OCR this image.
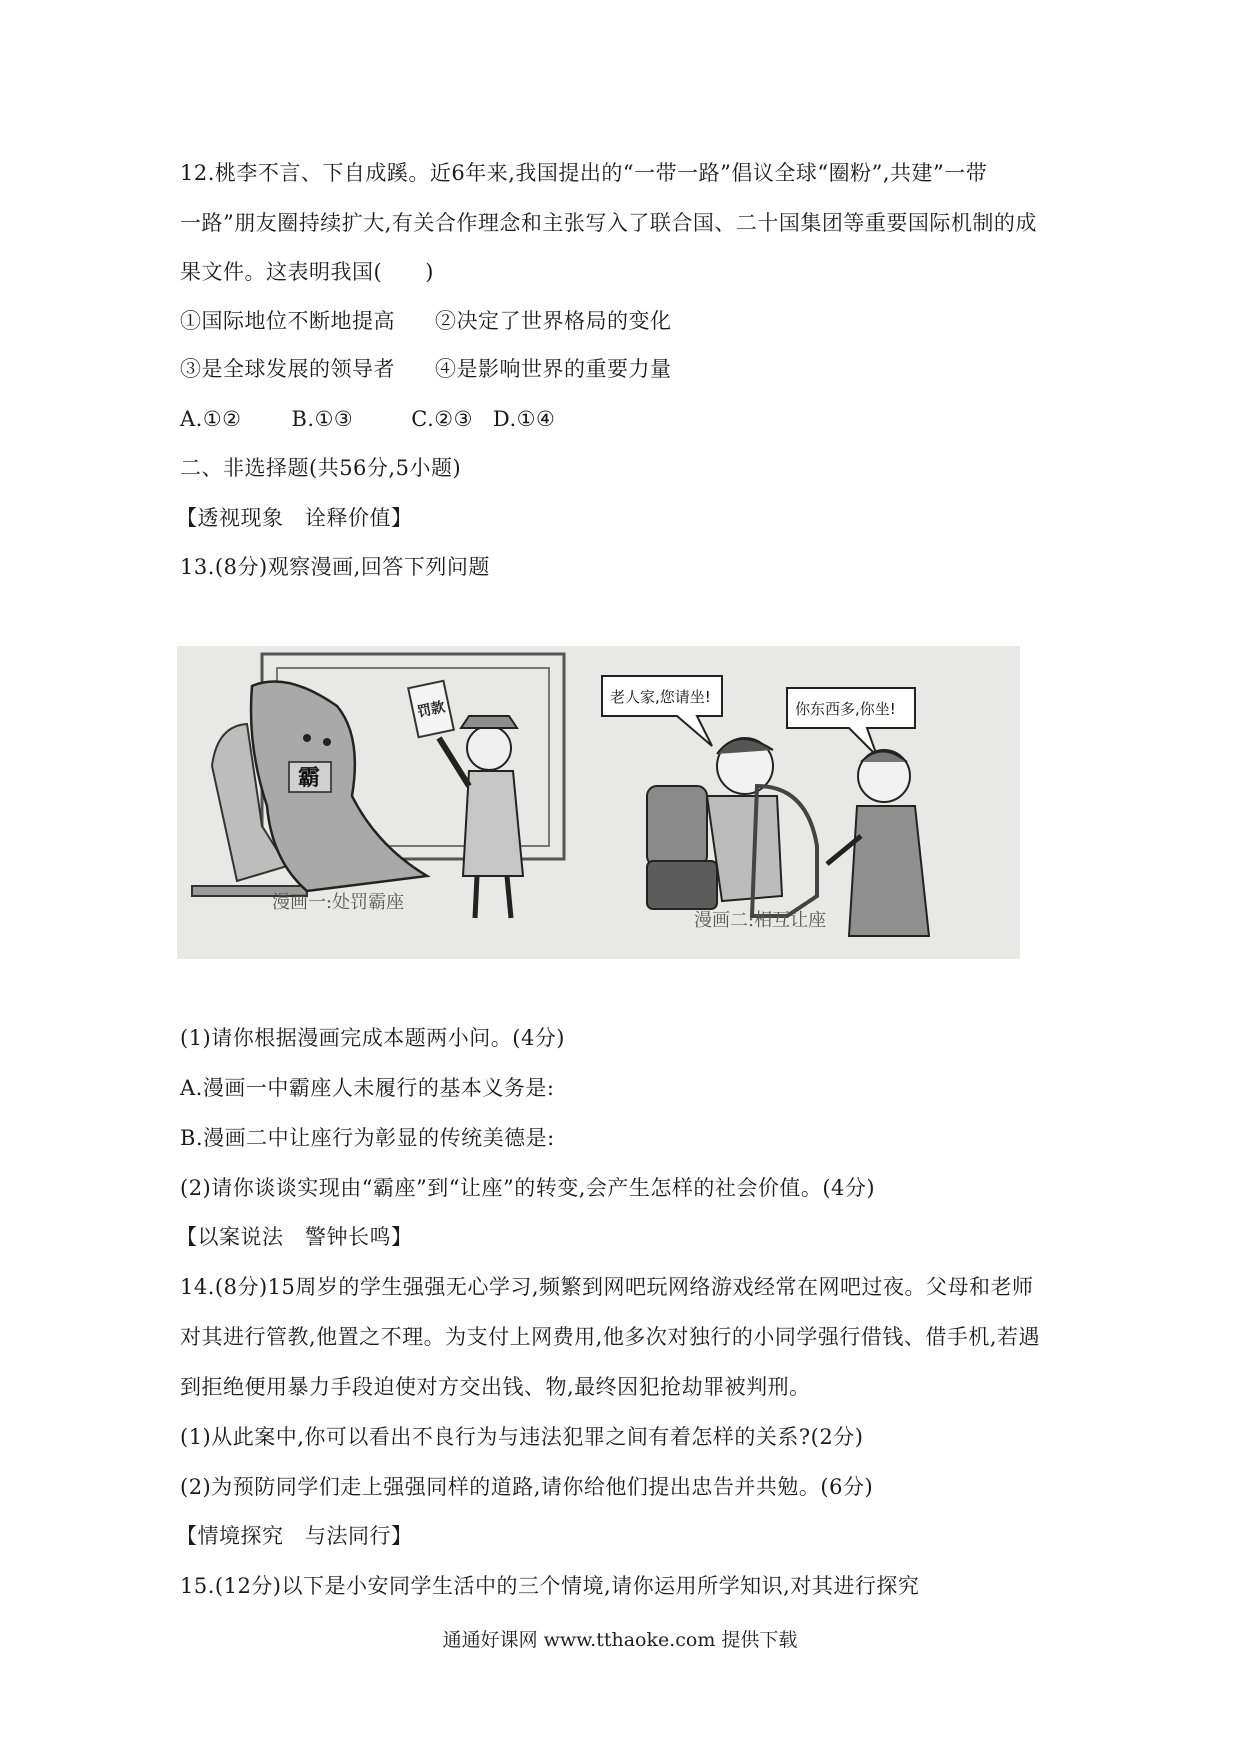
12.桃李不言、下自成蹊。近6年来,我国提出的“一带一路”倡议全球“圈粉”,共建”一带
一路”朋友圈持续扩大,有关合作理念和主张写入了联合国、二十国集团等重要国际机制的成
果文件。这表明我国(　　)
①国际地位不断地提高 ②决定了世界格局的变化
③是全球发展的领导者 ④是影响世界的重要力量
A.①② B.①③	C.②③ D.①④
二、非选择题(共56分,5小题)
【透视现象　诠释价值】
13.(8分)观察漫画,回答下列问题
霸
罚款
老人家,您请坐!
你东西多,你坐!
漫画一:处罚霸座
漫画二:相互让座
(1)请你根据漫画完成本题两小问。(4分)
A.漫画一中霸座人未履行的基本义务是:
B.漫画二中让座行为彰显的传统美德是:
(2)请你谈谈实现由“霸座”到“让座”的转变,会产生怎样的社会价值。(4分)
【以案说法　警钟长鸣】
14.(8分)15周岁的学生强强无心学习,频繁到网吧玩网络游戏经常在网吧过夜。父母和老师
对其进行管教,他置之不理。为支付上网费用,他多次对独行的小同学强行借钱、借手机,若遇
到拒绝便用暴力手段迫使对方交出钱、物,最终因犯抢劫罪被判刑。
(1)从此案中,你可以看出不良行为与违法犯罪之间有着怎样的关系?(2分)
(2)为预防同学们走上强强同样的道路,请你给他们提出忠告并共勉。(6分)
【情境探究　与法同行】
15.(12分)以下是小安同学生活中的三个情境,请你运用所学知识,对其进行探究
通通好课网 www.tthaoke.com 提供下载
